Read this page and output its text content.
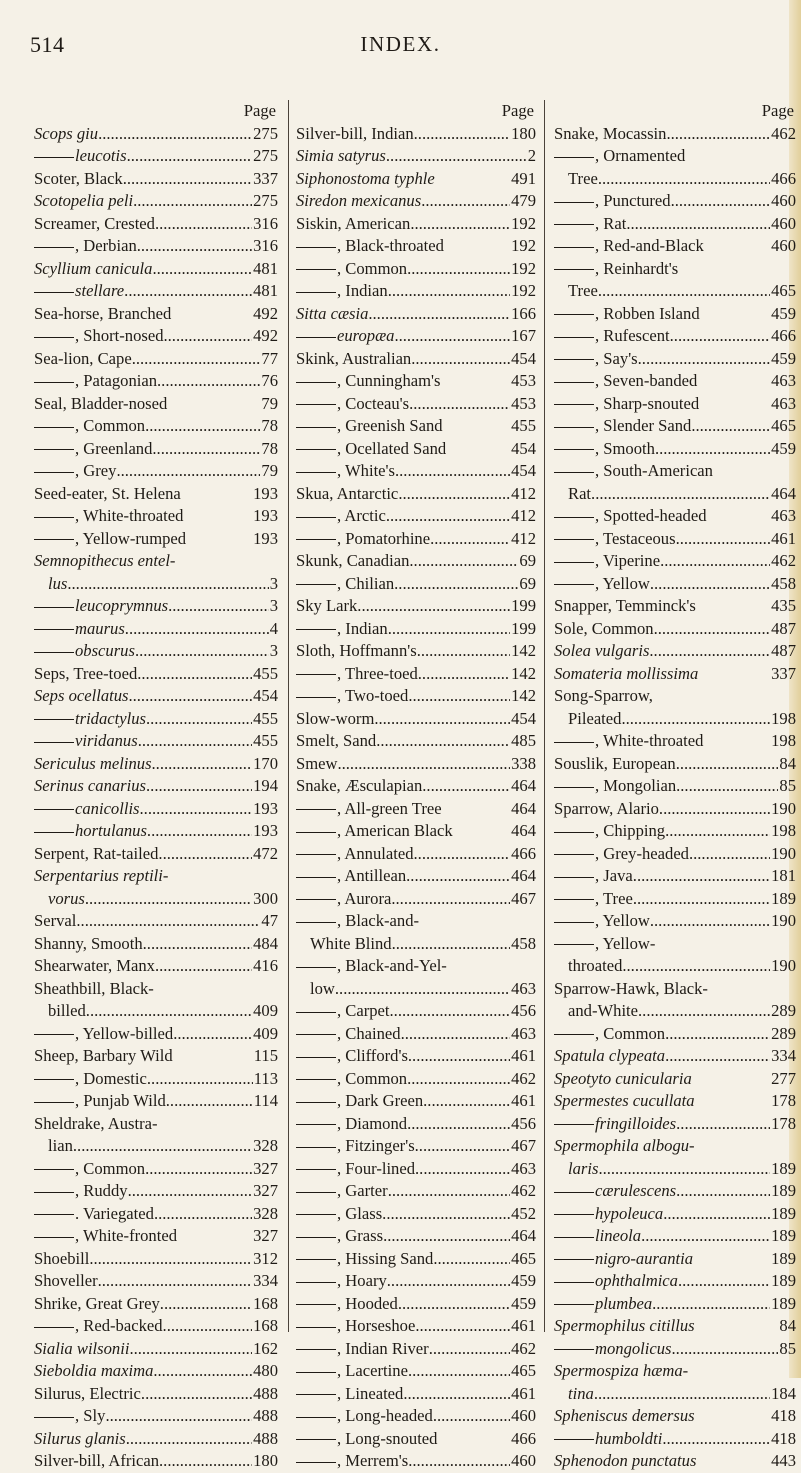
514	INDEX.
Page
Scops giu .....	275
leucotis .....	275
Scoter, Black .....	337
Scotopelia peli .....	275
Screamer, Crested .....	316
, Derbian .....	316
Scyllium canicula .....	481
stellare .....	481
Sea-horse, Branched	492
, Short-nosed .....	492
Sea-lion, Cape .....	77
, Patagonian .....	76
Seal, Bladder-nosed	79
, Common .....	78
, Greenland .....	78
, Grey .....	79
Seed-eater, St. Helena	193
, White-throated	193
, Yellow-rumped	193
Semnopithecus entel-
lus .....	3
leucoprymnus .....	3
maurus .....	4
obscurus .....	3
Seps, Tree-toed .....	455
Seps ocellatus .....	454
tridactylus .....	455
viridanus .....	455
Sericulus melinus .....	170
Serinus canarius .....	194
canicollis .....	193
hortulanus .....	193
Serpent, Rat-tailed .....	472
Serpentarius reptili-
vorus .....	300
Serval .....	47
Shanny, Smooth .....	484
Shearwater, Manx .....	416
Sheathbill, Black-
billed .....	409
, Yellow-billed .....	409
Sheep, Barbary Wild	115
, Domestic .....	113
, Punjab Wild .....	114
Sheldrake, Austra-
lian .....	328
, Common .....	327
, Ruddy .....	327
. Variegated .....	328
, White-fronted	327
Shoebill .....	312
Shoveller .....	334
Shrike, Great Grey .....	168
, Red-backed .....	168
Sialia wilsonii .....	162
Sieboldia maxima .....	480
Silurus, Electric .....	488
, Sly .....	488
Silurus glanis .....	488
Silver-bill, African .....	180
Page
Silver-bill, Indian .....	180
Simia satyrus .....	2
Siphonostoma typhle	491
Siredon mexicanus .....	479
Siskin, American .....	192
, Black-throated	192
, Common .....	192
, Indian .....	192
Sitta cæsia .....	166
europæa .....	167
Skink, Australian .....	454
, Cunningham's	453
, Cocteau's .....	453
, Greenish Sand	455
, Ocellated Sand	454
, White's .....	454
Skua, Antarctic .....	412
, Arctic .....	412
, Pomatorhine .....	412
Skunk, Canadian .....	69
, Chilian .....	69
Sky Lark .....	199
, Indian .....	199
Sloth, Hoffmann's .....	142
, Three-toed .....	142
, Two-toed .....	142
Slow-worm .....	454
Smelt, Sand .....	485
Smew .....	338
Snake, Æsculapian .....	464
, All-green Tree	464
, American Black	464
, Annulated .....	466
, Antillean .....	464
, Aurora .....	467
, Black-and-
White Blind .....	458
, Black-and-Yel-
low .....	463
, Carpet .....	456
, Chained .....	463
, Clifford's .....	461
, Common .....	462
, Dark Green .....	461
, Diamond .....	456
, Fitzinger's .....	467
, Four-lined .....	463
, Garter .....	462
, Glass .....	452
, Grass .....	464
, Hissing Sand .....	465
, Hoary .....	459
, Hooded .....	459
, Horseshoe .....	461
, Indian River .....	462
, Lacertine .....	465
, Lineated .....	461
, Long-headed .....	460
, Long-snouted	466
, Merrem's .....	460
Page
Snake, Mocassin .....	462
, Ornamented
Tree .....	466
, Punctured .....	460
, Rat .....	460
, Red-and-Black	460
, Reinhardt's
Tree .....	465
, Robben Island	459
, Rufescent .....	466
, Say's .....	459
, Seven-banded	463
, Sharp-snouted	463
, Slender Sand .....	465
, Smooth .....	459
, South-American
Rat .....	464
, Spotted-headed	463
, Testaceous .....	461
, Viperine .....	462
, Yellow .....	458
Snapper, Temminck's	435
Sole, Common .....	487
Solea vulgaris .....	487
Somateria mollissima	337
Song-Sparrow,
Pileated .....	198
, White-throated	198
Souslik, European .....	84
, Mongolian .....	85
Sparrow, Alario .....	190
, Chipping .....	198
, Grey-headed .....	190
, Java .....	181
, Tree .....	189
, Yellow .....	190
, Yellow-
throated .....	190
Sparrow-Hawk, Black-
and-White .....	289
, Common .....	289
Spatula clypeata .....	334
Speotyto cunicularia	277
Spermestes cucullata	178
fringilloides .....	178
Spermophila albogu-
laris .....	189
cærulescens .....	189
hypoleuca .....	189
lineola .....	189
nigro-aurantia	189
ophthalmica .....	189
plumbea .....	189
Spermophilus citillus	84
mongolicus .....	85
Spermospiza hæma-
tina .....	184
Spheniscus demersus	418
humboldti .....	418
Sphenodon punctatus	443
